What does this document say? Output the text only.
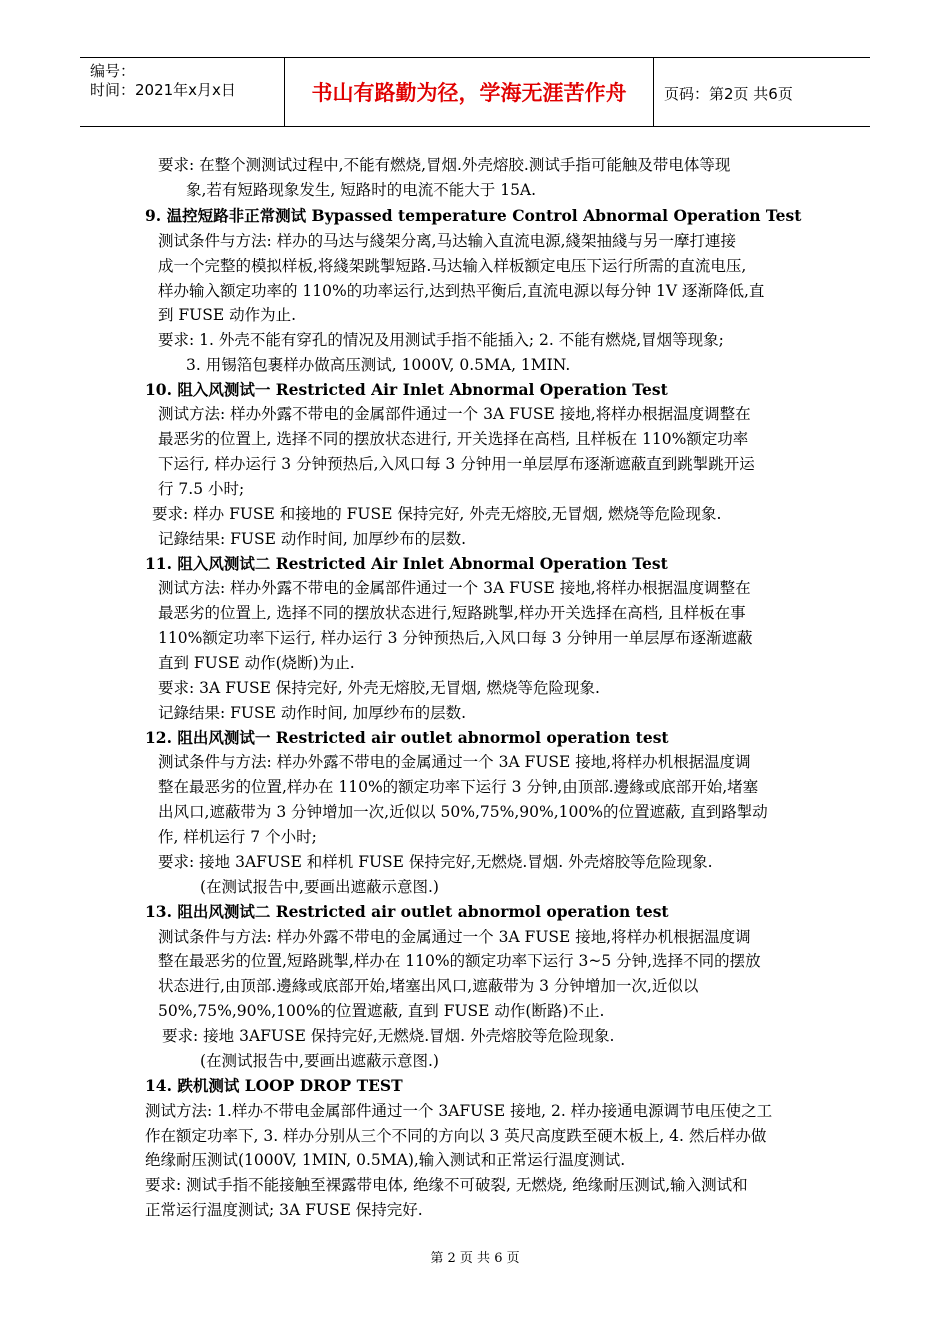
编号：
时间：2021年x月x日	书山有路勤为径，学海无涯苦作舟	页码：第2页 共6页
要求: 在整个测测试过程中,不能有燃烧,冒烟.外壳熔胶.测试手指可能触及带电体等现
象,若有短路现象发生, 短路时的电流不能大于 15A.
9. 温控短路非正常测试 Bypassed temperature Control Abnormal Operation Test
测试条件与方法: 样办的马达与綫架分离,马达输入直流电源,綫架抽綫与另一摩打連接
成一个完整的模拟样板,将綫架跳掣短路.马达输入样板额定电压下运行所需的直流电压,
样办输入额定功率的 110%的功率运行,达到热平衡后,直流电源以每分钟 1V 逐渐降低,直
到 FUSE 动作为止.
要求: 1. 外壳不能有穿孔的情况及用测试手指不能插入; 2. 不能有燃烧,冒烟等现象;
3. 用锡箔包裹样办做高压测试, 1000V, 0.5MA, 1MIN.
10. 阻入风测试一 Restricted Air Inlet Abnormal Operation Test
测试方法: 样办外露不带电的金属部件通过一个 3A FUSE 接地,将样办根据温度调整在
最恶劣的位置上, 选择不同的摆放状态进行, 开关选择在高档, 且样板在 110%额定功率
下运行, 样办运行 3 分钟预热后,入风口每 3 分钟用一单层厚布逐渐遮蔽直到跳掣跳开运
行 7.5 小时;
要求: 样办 FUSE 和接地的 FUSE 保持完好, 外壳无熔胶,无冒烟, 燃烧等危险现象.
记錄结果: FUSE 动作时间, 加厚纱布的层数.
11. 阻入风测试二 Restricted Air Inlet Abnormal Operation Test
测试方法: 样办外露不带电的金属部件通过一个 3A FUSE 接地,将样办根据温度调整在
最恶劣的位置上, 选择不同的摆放状态进行,短路跳掣,样办开关选择在高档, 且样板在事
110%额定功率下运行, 样办运行 3 分钟预热后,入风口每 3 分钟用一单层厚布逐渐遮蔽
直到 FUSE 动作(烧断)为止.
要求: 3A FUSE 保持完好, 外壳无熔胶,无冒烟, 燃烧等危险现象.
记錄结果: FUSE 动作时间, 加厚纱布的层数.
12. 阻出风测试一 Restricted air outlet abnormol operation test
测试条件与方法: 样办外露不带电的金属通过一个 3A FUSE 接地,将样办机根据温度调
整在最恶劣的位置,样办在 110%的额定功率下运行 3 分钟,由顶部.邊緣或底部开始,堵塞
出风口,遮蔽带为 3 分钟增加一次,近似以 50%,75%,90%,100%的位置遮蔽, 直到路掣动
作, 样机运行 7 个小时;
要求: 接地 3AFUSE 和样机 FUSE 保持完好,无燃烧.冒烟. 外壳熔胶等危险现象.
(在测试报告中,要画出遮蔽示意图.)
13. 阻出风测试二 Restricted air outlet abnormol operation test
测试条件与方法: 样办外露不带电的金属通过一个 3A FUSE 接地,将样办机根据温度调
整在最恶劣的位置,短路跳掣,样办在 110%的额定功率下运行 3~5 分钟,选择不同的摆放
状态进行,由顶部.邊緣或底部开始,堵塞出风口,遮蔽带为 3 分钟增加一次,近似以
50%,75%,90%,100%的位置遮蔽, 直到 FUSE 动作(断路)不止.
要求: 接地 3AFUSE 保持完好,无燃烧.冒烟. 外壳熔胶等危险现象.
(在测试报告中,要画出遮蔽示意图.)
14. 跌机测试 LOOP DROP TEST
测试方法: 1.样办不带电金属部件通过一个 3AFUSE 接地, 2. 样办接通电源调节电压使之工
作在额定功率下, 3. 样办分别从三个不同的方向以 3 英尺高度跌至硬木板上, 4. 然后样办做
绝缘耐压测试(1000V, 1MIN, 0.5MA),输入测试和正常运行温度测试.
要求: 测试手指不能接触至裸露带电体, 绝缘不可破裂, 无燃烧, 绝缘耐压测试,输入测试和
正常运行温度测试; 3A FUSE 保持完好.
第 2 页 共 6 页
